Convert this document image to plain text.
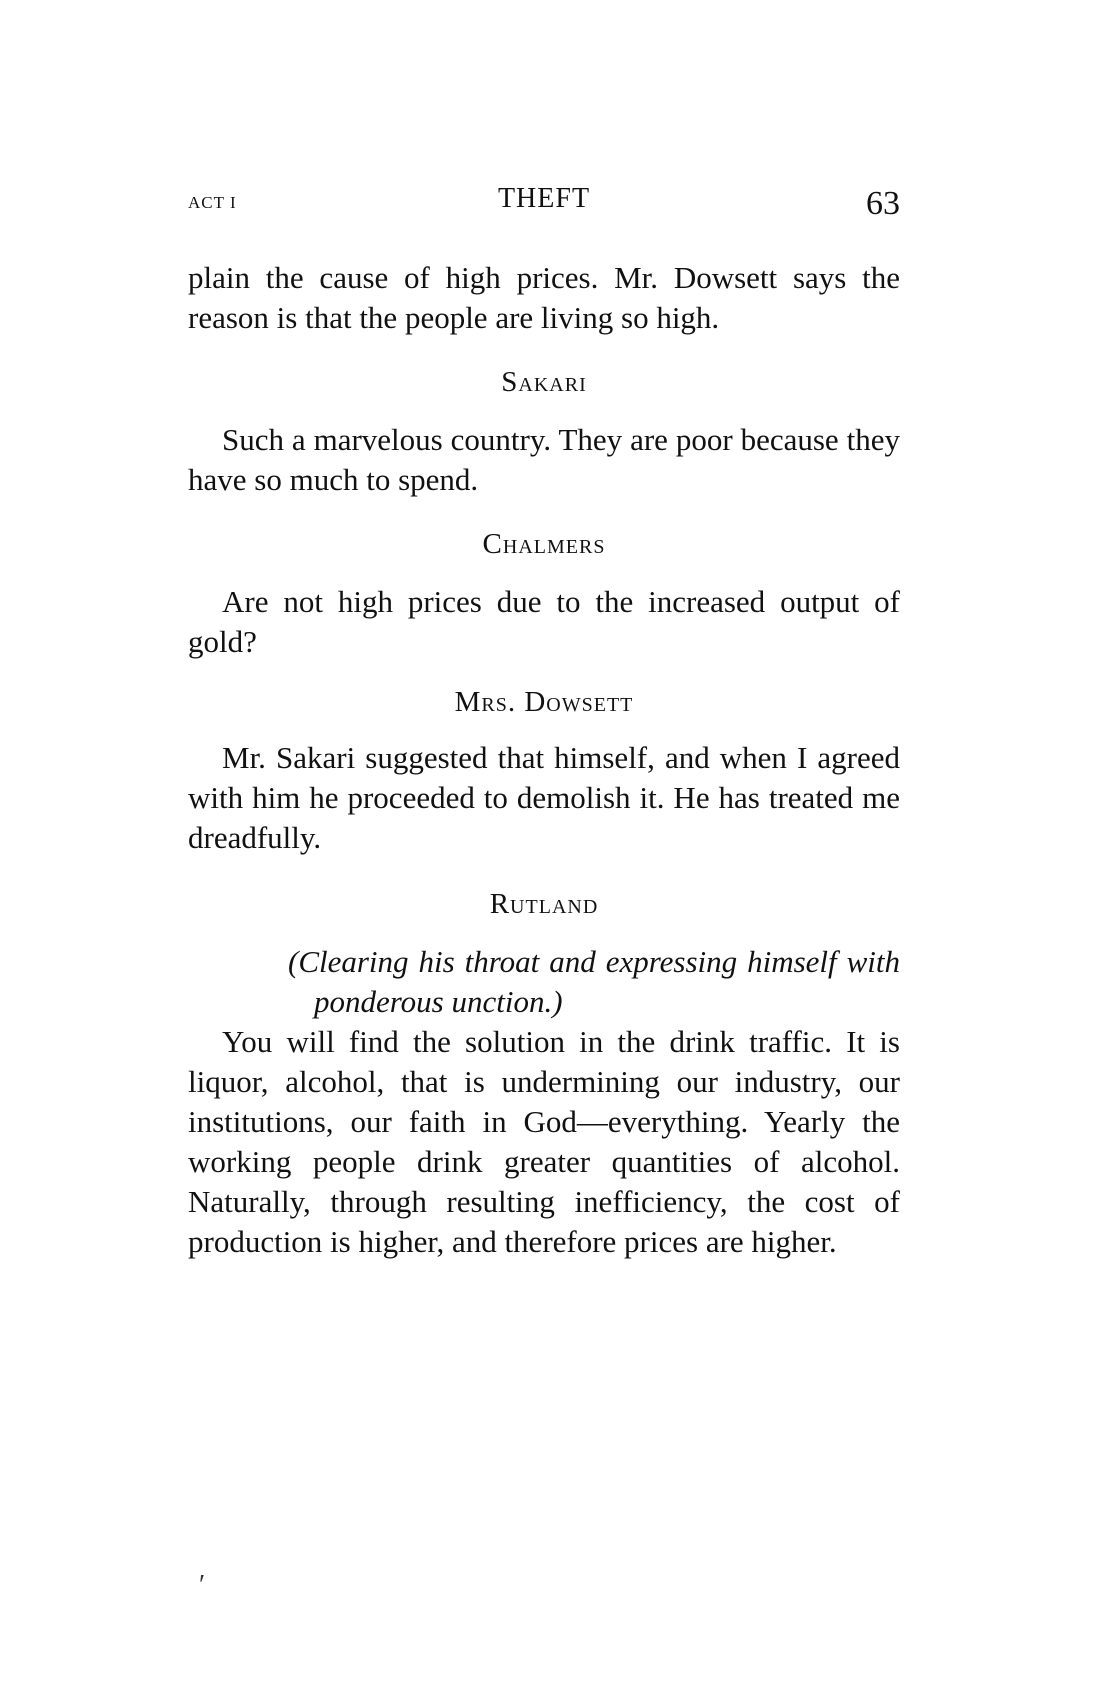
ACT I	THEFT	63

plain the cause of high prices. Mr. Dowsett says the reason is that the people are living so high.

Sakari

Such a marvelous country. They are poor because they have so much to spend.

Chalmers

Are not high prices due to the increased output of gold?

Mrs. Dowsett

Mr. Sakari suggested that himself, and when I agreed with him he proceeded to demolish it. He has treated me dreadfully.

Rutland

(Clearing his throat and expressing himself with ponderous unction.)

You will find the solution in the drink traffic. It is liquor, alcohol, that is undermining our industry, our institutions, our faith in God—everything. Yearly the working people drink greater quantities of alcohol. Naturally, through resulting inefficiency, the cost of production is higher, and therefore prices are higher.

′
